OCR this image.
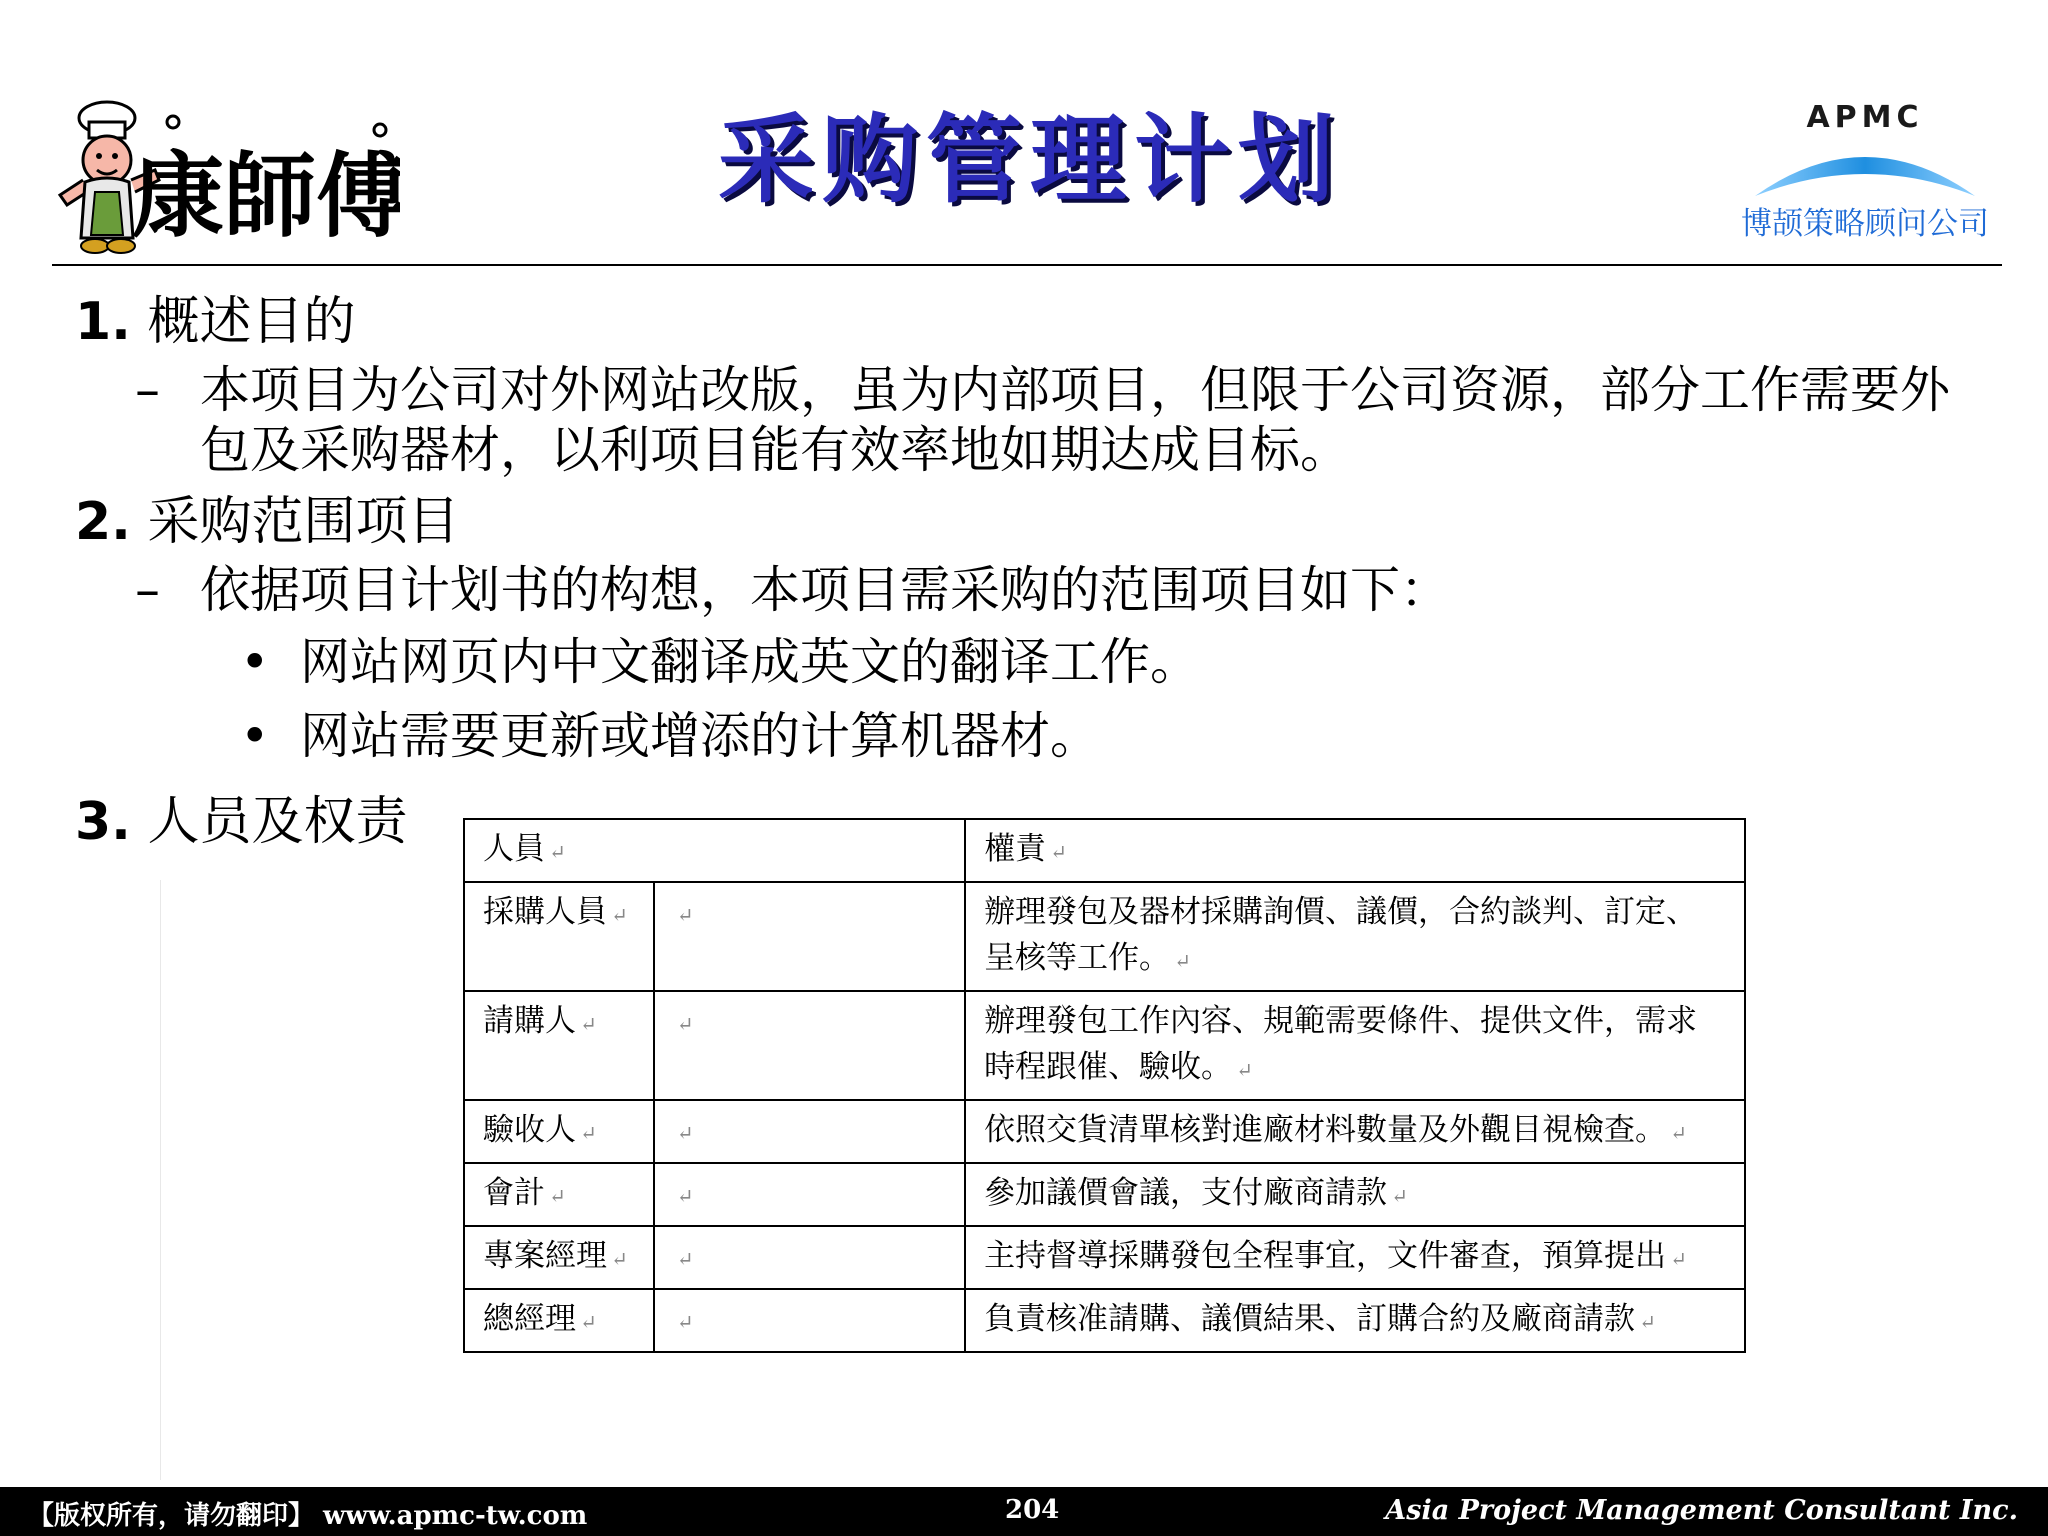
康師傅	采购管理计划	APMC
博颉策略顾问公司

1. 概述目的

– 本项目为公司对外网站改版，虽为内部项目，但限于公司资源，部分工作需要外包及采购器材，以利项目能有效率地如期达成目标。

2. 采购范围项目

– 依据项目计划书的构想，本项目需采购的范围项目如下：
• 网站网页内中文翻译成英文的翻译工作。
• 网站需要更新或增添的计算机器材。
3. 人员及权责 人員 ↵		權責 ↵
採購人員 ↵	↵	辦理發包及器材採購詢價、議價，合約談判、訂定、呈核等工作。 ↵
請購人 ↵	↵	辦理發包工作內容、規範需要條件、提供文件，需求時程跟催、驗收。 ↵
驗收人 ↵	↵	依照交貨清單核對進廠材料數量及外觀目視檢查。 ↵
會計 ↵	↵	參加議價會議，支付廠商請款 ↵
專案經理 ↵	↵	主持督導採購發包全程事宜，文件審查，預算提出 ↵
總經理 ↵	↵	負責核准請購、議價結果、訂購合約及廠商請款 ↵
【版权所有，请勿翻印】 www.apmc-tw.com	204	Asia Project Management Consultant Inc.
